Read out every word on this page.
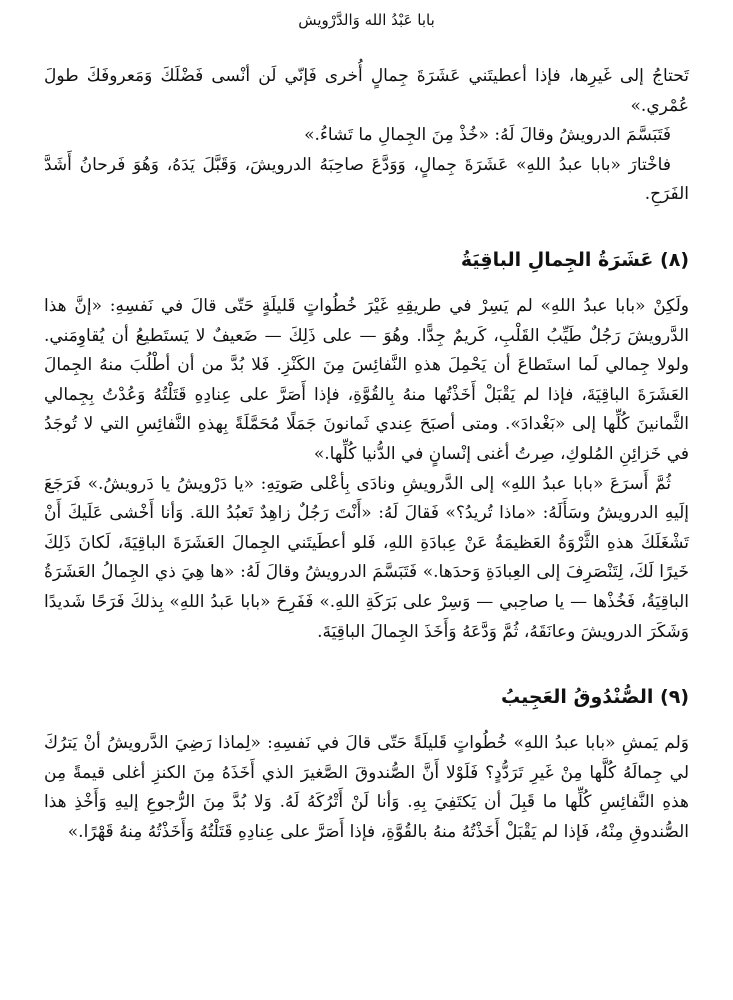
بابا عَبْدُ الله وَالدَّرْويش

تَحتاجُ إلى غَيرِها، فإذا أعطيتَني عَشَرَةَ جِمالٍ أُخرى فَإنّي لَن أنْسى فَضْلَكَ وَمَعروفَكَ طولَ عُمْري.»

فَتَبَسَّمَ الدرويشُ وقالَ لَهُ: «خُذْ مِنَ الجِمالِ ما تَشاءُ.»

فاخْتارَ «بابا عبدُ اللهِ» عَشَرَةَ جِمالٍ، وَوَدَّعَ صاحِبَهُ الدرويشَ، وَقَبَّلَ يَدَهُ، وَهُوَ فَرحانُ أَشَدَّ الفَرَحِ.

(٨) عَشَرَةُ الجِمالِ الباقِيَةُ

ولَكِنْ «بابا عبدُ اللهِ» لم يَسِرْ في طريقِهِ غَيْرَ خُطُواتٍ قَليلَةٍ حَتّى قالَ في نَفسِهِ: «إنَّ هذا الدَّرويشَ رَجُلٌ طَيِّبُ القَلْبِ، كَريمٌ جِدًّا. وهُوَ — على ذَلِكَ — ضَعيفٌ لا يَستَطيعُ أن يُقاوِمَني. ولولا جِمالي لَما استَطاعَ أن يَحْمِلَ هذهِ النَّفائِسَ مِنَ الكَنْزِ. فَلا بُدَّ من أن أطْلُبَ منهُ الجِمالَ العَشَرَةَ الباقِيَةَ، فإذا لم يَقْبَلْ أَخَذْتُها منهُ بِالقُوَّةِ، فإذا أَصَرَّ على عِنادِهِ قَتَلْتُهُ وَعُدْتُ بِجِمالي الثَّمانينَ كُلِّها إلى «بَغْدادَ». ومتى أصبَحَ عِندي ثَمانونَ جَمَلًا مُحَمَّلَةً بِهذهِ النَّفائِسِ التي لا تُوجَدُ في خَزائِنِ المُلوكِ، صِرتُ أغنى إنْسانٍ في الدُّنيا كُلِّها.»

ثُمَّ أَسرَعَ «بابا عبدُ اللهِ» إلى الدَّرويشِ ونادَى بِأعْلى صَوتِهِ: «يا دَرْويشُ يا دَرويشُ.» فَرَجَعَ إلَيهِ الدرويشُ وسَأَلَهُ: «ماذا تُريدُ؟» فَقالَ لَهُ: «أَنْتَ رَجُلٌ زاهِدٌ تَعبُدُ اللهَ. وَأنا أَخْشى عَلَيكَ أَنْ تَشْغَلَكَ هذهِ الثَّرْوَةُ العَظيمَةُ عَنْ عِبادَةِ اللهِ، فَلو أعطَيتَني الجِمالَ العَشَرَةَ الباقِيَةَ، لَكانَ ذَلِكَ خَيرًا لَكَ، لِتَنْصَرِفَ إلى العِبادَةِ وَحدَها.» فَتَبَسَّمَ الدرويشُ وقالَ لَهُ: «ها هِيَ ذي الجِمالُ العَشَرَةُ الباقِيَةُ، فَخُذْها — يا صاحِبي — وَسِرْ على بَرَكَةِ اللهِ.» فَفَرِحَ «بابا عَبدُ اللهِ» بِذلكَ فَرَحًا شَديدًا وَشَكَرَ الدرويشَ وعانَقَهُ، ثُمَّ وَدَّعَهُ وَأَخَذَ الجِمالَ الباقِيَةَ.

(٩) الصُّنْدُوقُ العَجِيبُ

وَلم يَمشِ «بابا عبدُ اللهِ» خُطُواتٍ قَليلَةً حَتّى قالَ في نَفسِهِ: «لِماذا رَضِيَ الدَّرويشُ أنْ يَترُكَ لي جِمالَهُ كُلَّها مِنْ غَيرِ تَرَدُّدٍ؟ فَلَوْلا أَنَّ الصُّندوقَ الصَّغيرَ الذي أَخَذَهُ مِنَ الكنزِ أغلى قيمةً مِن هذهِ النَّفائِسِ كُلِّها ما قَبِلَ أن يَكتَفِيَ بِهِ. وَأنا لَنْ أَتْرُكَهُ لَهُ. وَلا بُدَّ مِنَ الرُّجوعِ إليهِ وَأَخْذِ هذا الصُّندوقِ مِنْهُ، فَإذا لم يَقْبَلْ أَخَذْتُهُ منهُ بالقُوَّةِ، فإذا أَصَرَّ على عِنادِهِ قَتَلْتُهُ وَأَخَذْتُهُ مِنهُ قَهْرًا.»
